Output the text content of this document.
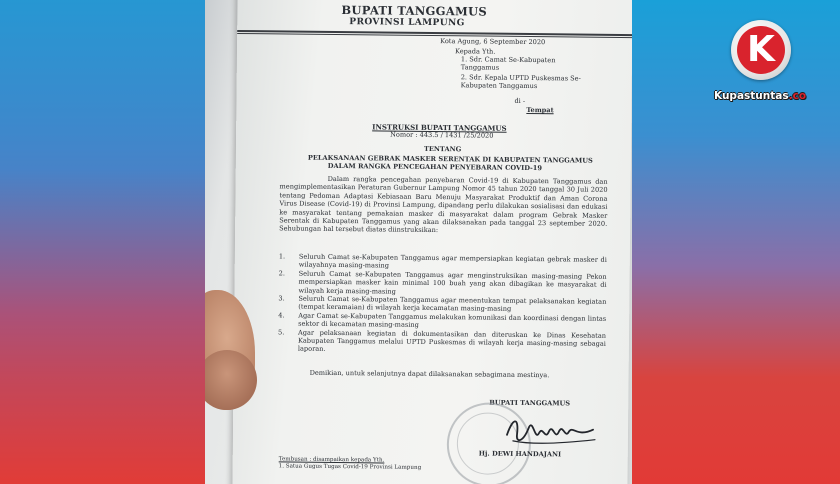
BUPATI TANGGAMUS
PROVINSI LAMPUNG
Kota Agung, 6 September 2020
Kepada Yth.
1. Sdr. Camat Se-Kabupaten Tanggamus
2. Sdr. Kepala UPTD Puskesmas Se-Kabupaten Tanggamus
di -
Tempat
INSTRUKSI BUPATI TANGGAMUS
Nomor : 443.5 / 1431 /25/2020
TENTANG
PELAKSANAAN GEBRAK MASKER SERENTAK DI KABUPATEN TANGGAMUS
DALAM RANGKA PENCEGAHAN PENYEBARAN COVID-19
Dalam rangka pencegahan penyebaran Covid-19 di Kabupaten Tanggamus dan mengimplementasikan Peraturan Gubernur Lampung Nomor 45 tahun 2020 tanggal 30 Juli 2020 tentang Pedoman Adaptasi Kebiasaan Baru Menuju Masyarakat Produktif dan Aman Corona Virus Disease (Covid-19) di Provinsi Lampung, dipandang perlu dilakukan sosialisasi dan edukasi ke masyarakat tentang pemakaian masker di masyarakat dalam program Gebrak Masker Serentak di Kabupaten Tanggamus yang akan dilaksanakan pada tanggal 23 september 2020. Sehubungan hal tersebut diatas diinstruksikan:
1.	Seluruh Camat se-Kabupaten Tanggamus agar mempersiapkan kegiatan gebrak masker di wilayahnya masing-masing
2.	Seluruh Camat se-Kabupaten Tanggamus agar menginstruksikan masing-masing Pekon mempersiapkan masker kain minimal 100 buah yang akan dibagikan ke masyarakat di wilayah kerja masing-masing
3.	Seluruh Camat se-Kabupaten Tanggamus agar menentukan tempat pelaksanakan kegiatan (tempat keramaian) di wilayah kerja kecamatan masing-masing
4.	Agar Camat se-Kabupaten Tanggamus melakukan komunikasi dan koordinasi dengan lintas sektor di kecamatan masing-masing
5.	Agar pelaksanaan kegiatan di dokumentasikan dan diteruskan ke Dinas Kesehatan Kabupaten Tanggamus melalui UPTD Puskesmas di wilayah kerja masing-masing sebagai laporan.
Demikian, untuk selanjutnya dapat dilaksanakan sebagimana mestinya.
BUPATI TANGGAMUS
Hj. DEWI HANDAJANI
Tembusan : disampaikan kepada Yth.
1. Satua Gugus Tugas Covid-19 Provinsi Lampung
K
Kupastuntas.co
